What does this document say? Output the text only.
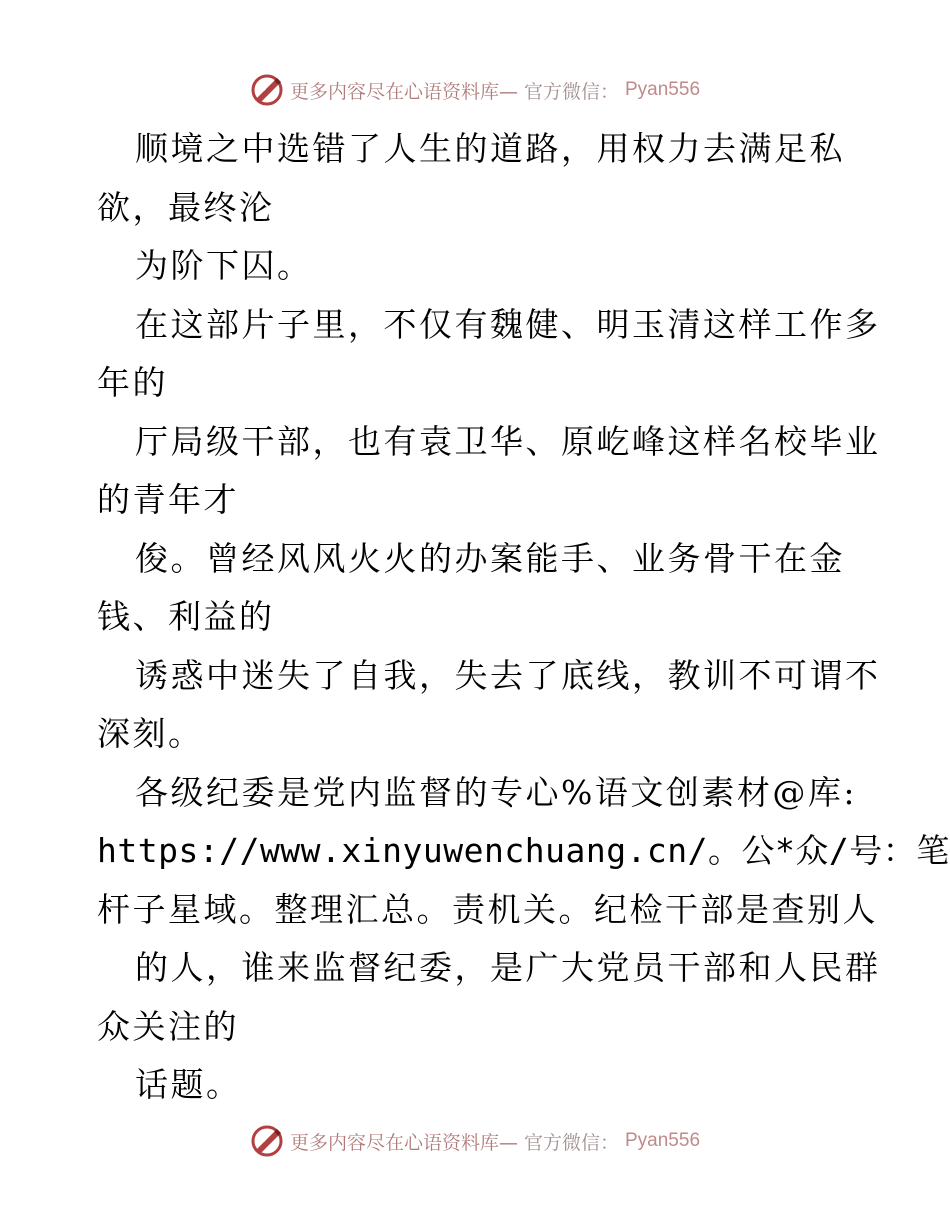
更多内容尽在心语资料库— 官方微信： Pyan556
顺境之中选错了人生的道路，用权力去满足私
欲，最终沦
为阶下囚。
在这部片子里，不仅有魏健、明玉清这样工作多
年的
厅局级干部，也有袁卫华、原屹峰这样名校毕业
的青年才
俊。曾经风风火火的办案能手、业务骨干在金
钱、利益的
诱惑中迷失了自我，失去了底线，教训不可谓不
深刻。
各级纪委是党内监督的专心%语文创素材@库:
https://www.xinyuwenchuang.cn/。公*众/号：笔
杆子星域。整理汇总。责机关。纪检干部是查别人
的人，谁来监督纪委，是广大党员干部和人民群
众关注的
话题。
更多内容尽在心语资料库— 官方微信： Pyan556
